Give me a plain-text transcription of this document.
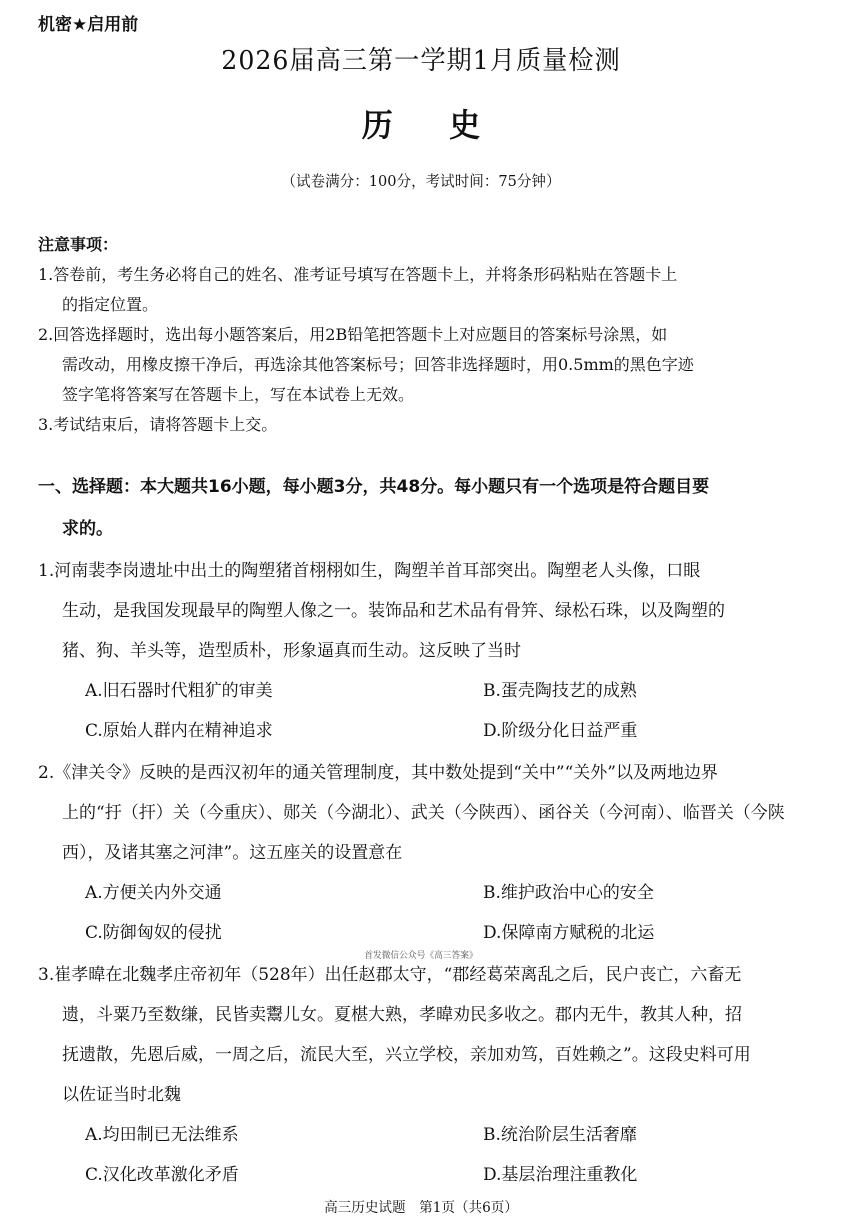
机密★启用前
2026届高三第一学期1月质量检测
历 史
（试卷满分：100分，考试时间：75分钟）
注意事项：
1.答卷前，考生务必将自己的姓名、准考证号填写在答题卡上，并将条形码粘贴在答题卡上
的指定位置。
2.回答选择题时，选出每小题答案后，用2B铅笔把答题卡上对应题目的答案标号涂黑，如
需改动，用橡皮擦干净后，再选涂其他答案标号；回答非选择题时，用0.5mm的黑色字迹
签字笔将答案写在答题卡上，写在本试卷上无效。
3.考试结束后，请将答题卡上交。
一、选择题：本大题共16小题，每小题3分，共48分。每小题只有一个选项是符合题目要
求的。
1.河南裴李岗遗址中出土的陶塑猪首栩栩如生，陶塑羊首耳部突出。陶塑老人头像，口眼
生动，是我国发现最早的陶塑人像之一。装饰品和艺术品有骨笄、绿松石珠，以及陶塑的
猪、狗、羊头等，造型质朴，形象逼真而生动。这反映了当时
A.旧石器时代粗犷的审美	B.蛋壳陶技艺的成熟
C.原始人群内在精神追求	D.阶级分化日益严重
2.《津关令》反映的是西汉初年的通关管理制度，其中数处提到“关中”“关外”以及两地边界
上的“扜（扞）关（今重庆）、郧关（今湖北）、武关（今陕西）、函谷关（今河南）、临晋关（今陕
西），及诸其塞之河津”。这五座关的设置意在
A.方便关内外交通	B.维护政治中心的安全
C.防御匈奴的侵扰	D.保障南方赋税的北运
首发微信公众号《高三答案》
3.崔孝暐在北魏孝庄帝初年（528年）出任赵郡太守，“郡经葛荣离乱之后，民户丧亡，六畜无
遗，斗粟乃至数缣，民皆卖鬻儿女。夏椹大熟，孝暐劝民多收之。郡内无牛，教其人种，招
抚遗散，先恩后威，一周之后，流民大至，兴立学校，亲加劝笃，百姓赖之”。这段史料可用
以佐证当时北魏
A.均田制已无法维系	B.统治阶层生活奢靡
C.汉化改革激化矛盾	D.基层治理注重教化
高三历史试题　第1页（共6页）
